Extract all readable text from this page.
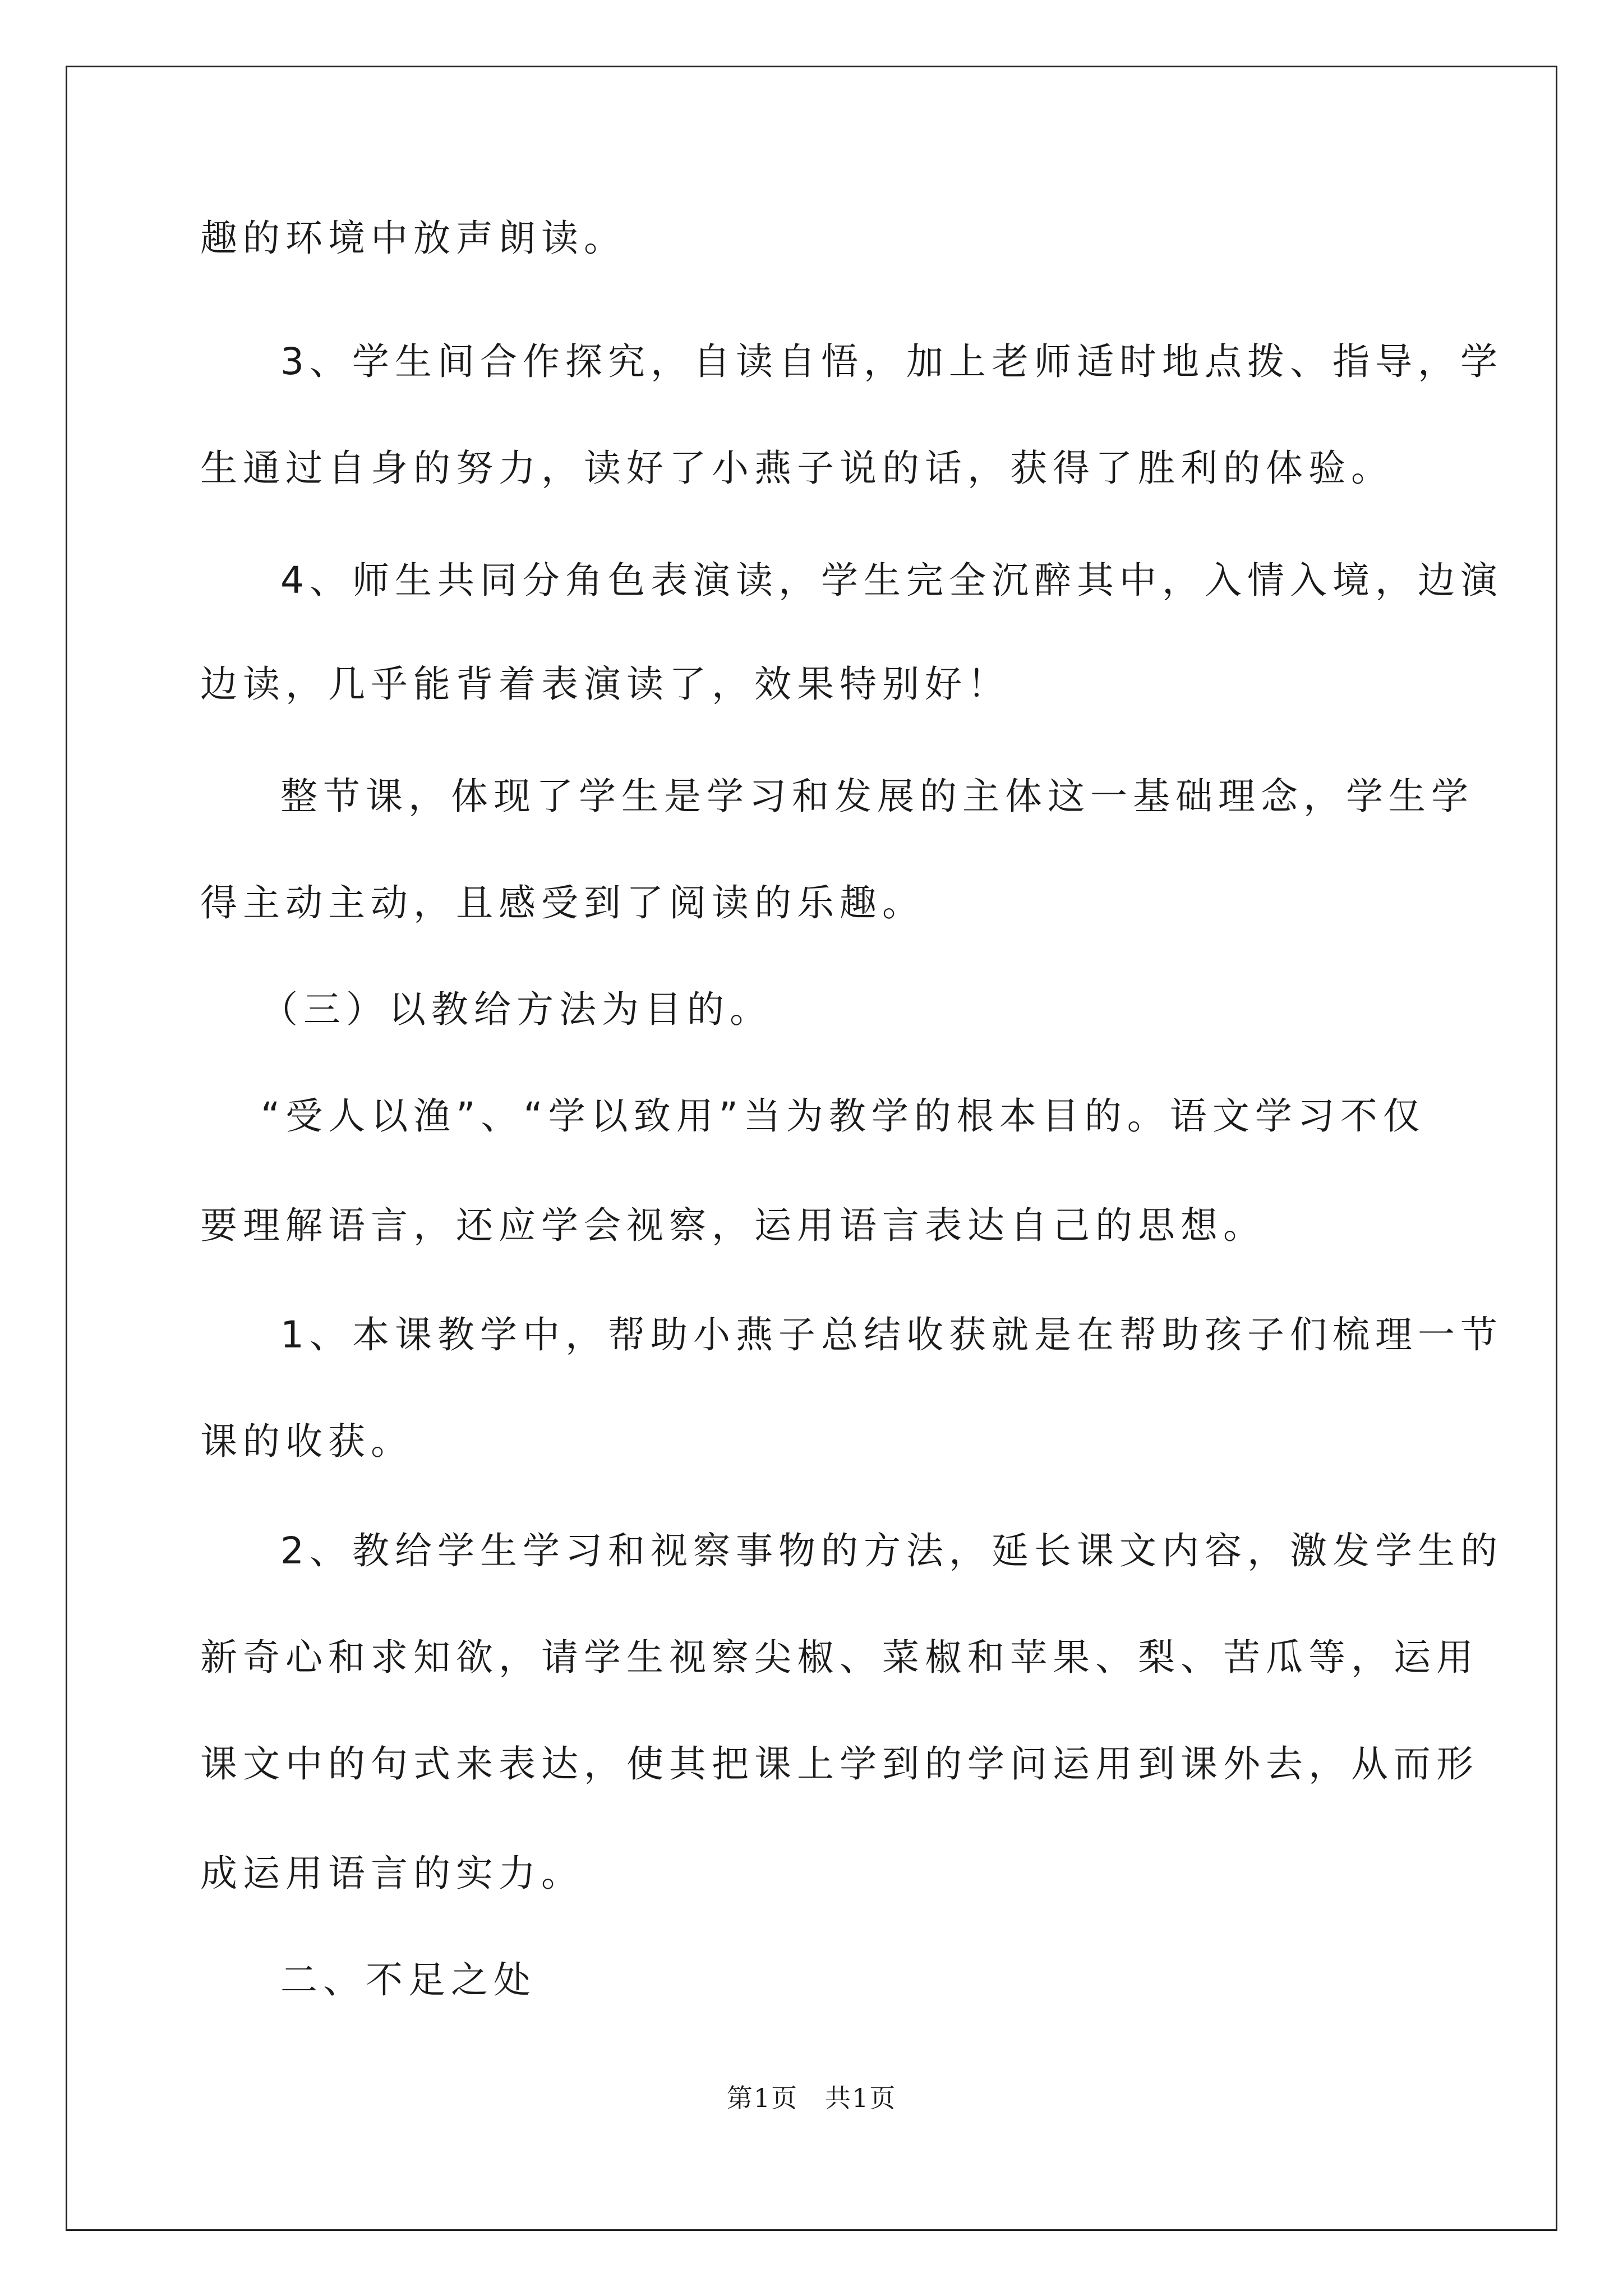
趣的环境中放声朗读。
3、学生间合作探究，自读自悟，加上老师适时地点拨、指导，学
生通过自身的努力，读好了小燕子说的话，获得了胜利的体验。
4、师生共同分角色表演读，学生完全沉醉其中，入情入境，边演
边读，几乎能背着表演读了，效果特别好！
整节课，体现了学生是学习和发展的主体这一基础理念，学生学
得主动主动，且感受到了阅读的乐趣。
（三）以教给方法为目的。
“受人以渔”、“学以致用”当为教学的根本目的。语文学习不仅
要理解语言，还应学会视察，运用语言表达自己的思想。
1、本课教学中，帮助小燕子总结收获就是在帮助孩子们梳理一节
课的收获。
2、教给学生学习和视察事物的方法，延长课文内容，激发学生的
新奇心和求知欲，请学生视察尖椒、菜椒和苹果、梨、苦瓜等，运用
课文中的句式来表达，使其把课上学到的学问运用到课外去，从而形
成运用语言的实力。
二、不足之处
第1页　共1页
